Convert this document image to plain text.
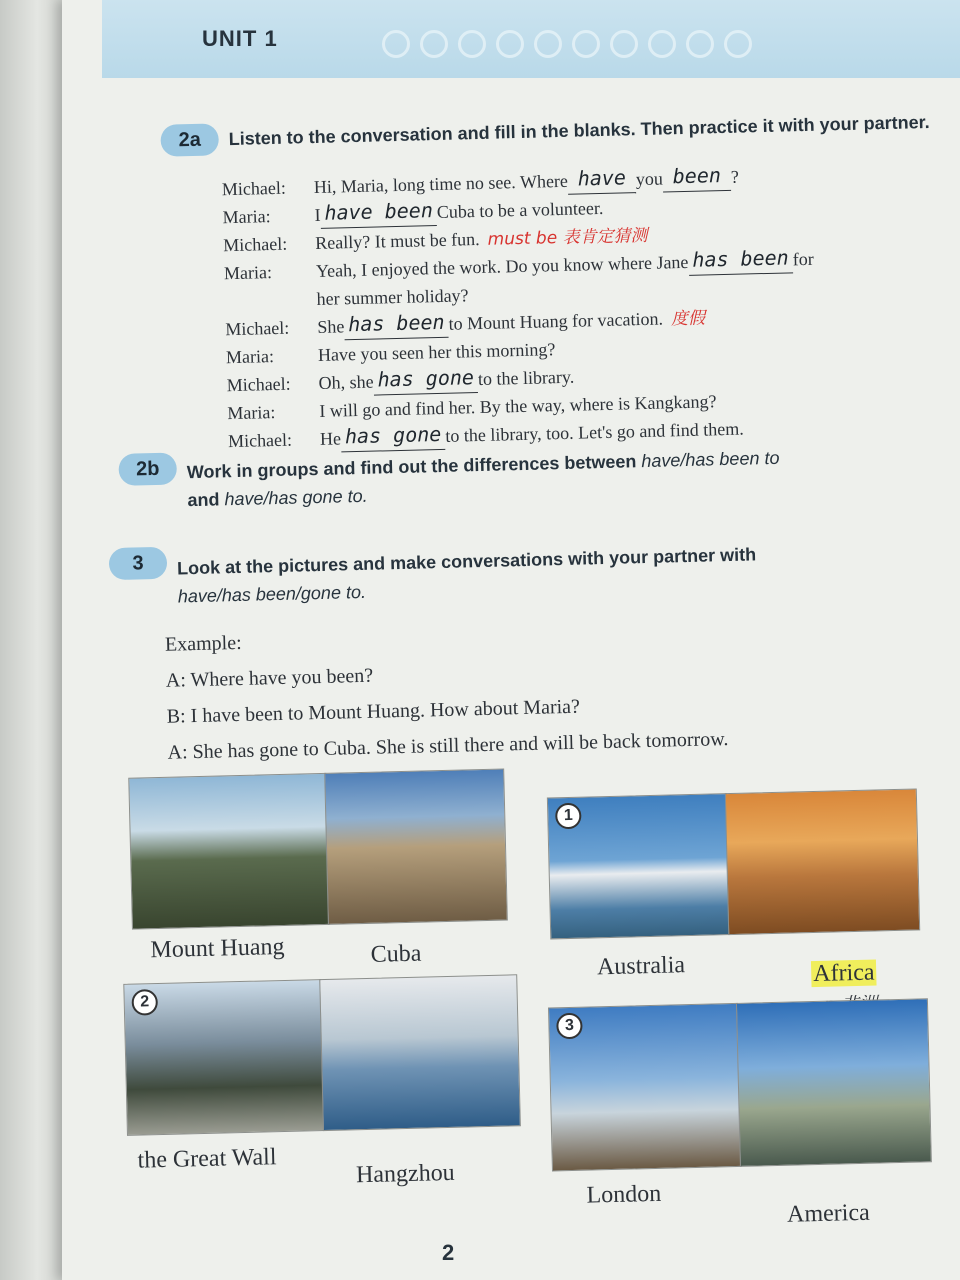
UNIT 1
2a	Listen to the conversation and fill in the blanks. Then practice it with your partner.
Michael:	Hi, Maria, long time no see. Where have you been ?
Maria:	I have been Cuba to be a volunteer.
Michael:	Really? It must be fun. must be 表肯定猜测
Maria:	Yeah, I enjoyed the work. Do you know where Jane has been for
her summer holiday?
Michael:	She has been to Mount Huang for vacation. 度假
Maria:	Have you seen her this morning?
Michael:	Oh, she has gone to the library.
Maria:	I will go and find her. By the way, where is Kangkang?
Michael:	He has gone to the library, too. Let's go and find them.
2b	Work in groups and find out the differences between have/has been to
and have/has gone to.
3	Look at the pictures and make conversations with your partner with
have/has been/gone to.
Example:
A: Where have you been?
B: I have been to Mount Huang. How about Maria?
A: She has gone to Cuba. She is still there and will be back tomorrow.
Mount Huang	Cuba
1
Australia	Africa
2
the Great Wall
Hangzhou
3
London
America
2
